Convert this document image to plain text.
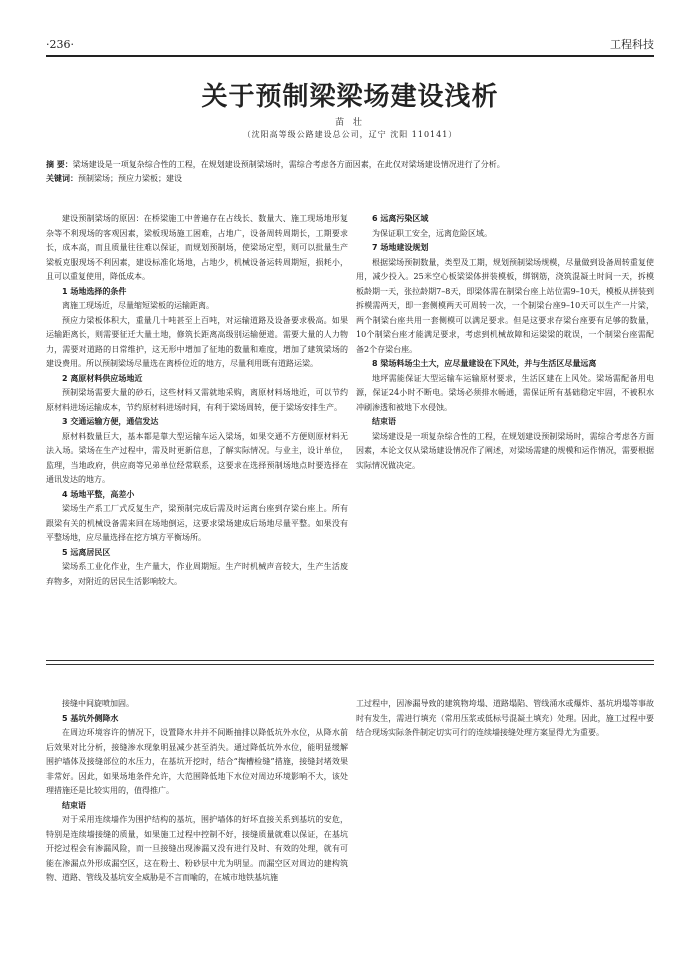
·236·	工程科技
关于预制梁梁场建设浅析
苗 壮
（沈阳高等级公路建设总公司，辽宁 沈阳 110141）
摘 要：梁场建设是一项复杂综合性的工程，在规划建设预制梁场时，需综合考虑各方面因素，在此仅对梁场建设情况进行了分析。
关键词：预制梁场；预应力梁板；建设

建设预制梁场的原因：在桥梁施工中普遍存在占线长、数量大、施工现场地形复杂等不利现场的客观因素，梁板现场施工困难，占地广，设备周转周期长，工期要求长，成本高，而且质量往往难以保证，而规划预制场，使梁场定型，则可以批量生产梁板克服现场不利因素，建设标准化场地，占地少，机械设备运转周期短，损耗小，且可以重复使用，降低成本。

1 场地选择的条件

离施工现场近，尽量缩短梁板的运输距离。

预应力梁板体积大，重量几十吨甚至上百吨，对运输道路及设备要求极高。如果运输距离长，则需要征迁大量土地，修筑长距离高级别运输便道。需要大量的人力物力，需要对道路的日常维护，这无形中增加了征地的数量和难度，增加了建筑梁场的建设费用。所以预制梁场尽量选在离桥位近的地方，尽量利用既有道路运梁。

2 离原材料供应场地近

预制梁场需要大量的砂石，这些材料又需就地采购，离原材料场地近，可以节约原材料进场运输成本，节约原材料进场时间，有利于梁场周转，便于梁场安排生产。

3 交通运输方便，通信发达

原材料数量巨大，基本都是靠大型运输车运入梁场，如果交通不方便则原材料无法入场。梁场在生产过程中，需及时更新信息，了解实际情况。与业主，设计单位，监理，当地政府，供应商等兄弟单位经常联系，这要求在选择预制场地点时要选择在通讯发达的地方。

4 场地平整，高差小

梁场生产系工厂式反复生产，梁预制完成后需及时运离台座到存梁台座上。所有跟梁有关的机械设备需来回在场地倒运，这要求梁场建成后场地尽量平整。如果没有平整场地，应尽量选择在挖方填方平衡场所。

5 远离居民区

梁场系工业化作业，生产量大，作业周期短。生产时机械声音较大，生产生活废弃物多，对附近的居民生活影响较大。

6 远离污染区域

为保证职工安全，远离危险区域。

7 场地建设规划

根据梁场预制数量，类型及工期，规划预制梁场规模，尽量做到设备周转重复使用，减少投入。25米空心板梁梁体拼装模板，绑钢筋，浇筑混凝土时间一天，拆模板龄期一天，张拉龄期7–8天，即梁体需在制梁台座上站位需9–10天，模板从拼装到拆模需两天，即一套侧模两天可周转一次，一个制梁台座9–10天可以生产一片梁，两个制梁台座共用一套侧模可以满足要求。但是这要求存梁台座要有足够的数量，10个制梁台座才能满足要求，考虑到机械故障和运梁梁的耽误，一个制梁台座需配备2个存梁台座。

8 梁场料场尘土大，应尽量建设在下风处，并与生活区尽量远离

地坪需能保证大型运输车运输原材要求，生活区建在上风处。梁场需配备用电源，保证24小时不断电。梁场必须排水畅通，需保证所有基础稳定牢固，不被积水冲刷渗透和被地下水侵蚀。

结束语

梁场建设是一项复杂综合性的工程，在规划建设预制梁场时，需综合考虑各方面因素，本论文仅从梁场建设情况作了阐述，对梁场需建的规模和运作情况，需要根据实际情况做决定。

接缝中间旋喷加固。

5 基坑外侧降水

在周边环境容许的情况下，设置降水井并不间断抽排以降低坑外水位，从降水前后效果对比分析，接缝渗水现象明显减少甚至消失。通过降低坑外水位，能明显缓解围护墙体及接缝部位的水压力，在基坑开挖时，结合“掏槽检缝”措施，接缝封堵效果非常好。因此，如果场地条件允许，大范围降低地下水位对周边环境影响不大，该处理措施还是比较实用的，值得推广。

结束语

对于采用连续墙作为围护结构的基坑，围护墙体的好坏直接关系到基坑的安危，特别是连续墙接缝的质量，如果施工过程中控制不好，接缝质量就难以保证，在基坑开挖过程会有渗漏风险，而一旦接缝出现渗漏又没有进行及时、有效的处理，就有可能在渗漏点外形成漏空区，这在粉土、粉砂层中尤为明显。而漏空区对周边的建构筑物、道路、管线及基坑安全威胁是不言而喻的，在城市地铁基坑施

工过程中，因渗漏导致的建筑物垮塌、道路塌陷、管线涌水或爆炸、基坑坍塌等事故时有发生，需进行填充（常用压浆或低标号混凝土填充）处理。因此，施工过程中要结合现场实际条件制定切实可行的连续墙接缝处理方案显得尤为重要。
